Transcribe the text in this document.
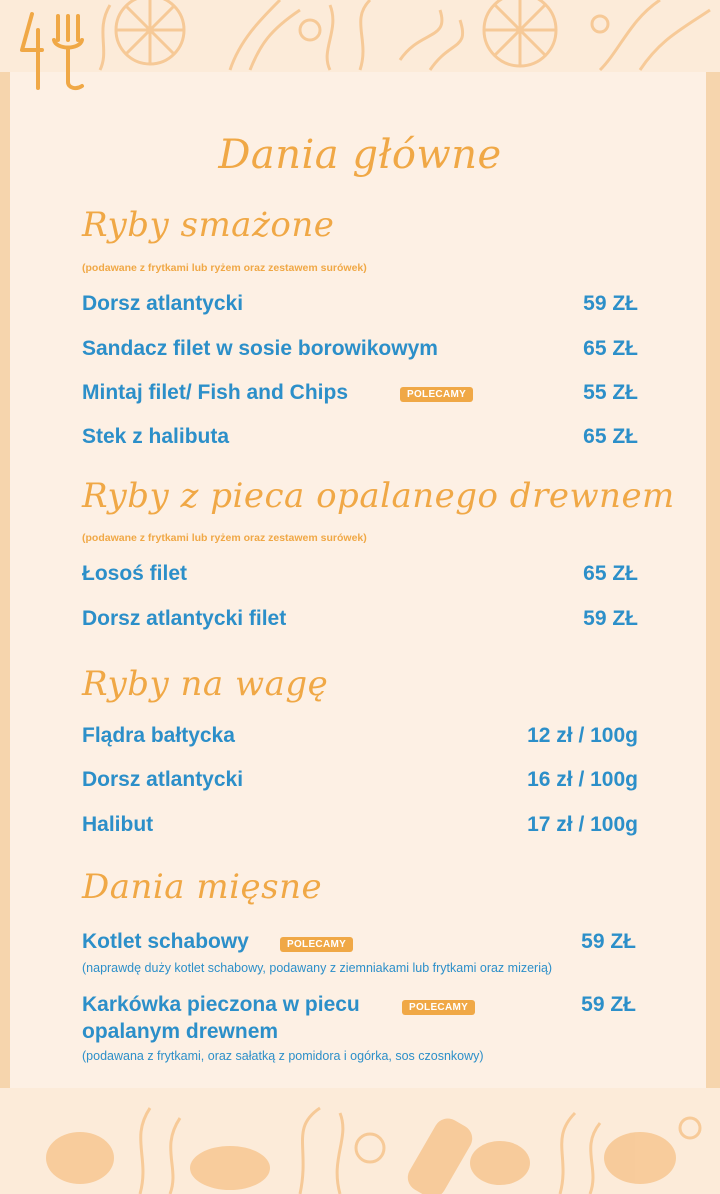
Dania główne
Ryby smażone
(podawane z frytkami lub ryżem oraz zestawem surówek)
Dorsz atlantycki	59 ZŁ
Sandacz filet w sosie borowikowym	65 ZŁ
Mintaj filet/ Fish and Chips	POLECAMY	55 ZŁ
Stek z halibuta	65 ZŁ
Ryby z pieca opalanego drewnem
(podawane z frytkami lub ryżem oraz zestawem surówek)
Łosoś filet	65 ZŁ
Dorsz atlantycki filet	59 ZŁ
Ryby na wagę
Flądra bałtycka	12 zł / 100g
Dorsz atlantycki	16 zł / 100g
Halibut	17 zł / 100g
Dania mięsne
Kotlet schabowy	POLECAMY	59 ZŁ
(naprawdę duży kotlet schabowy, podawany z ziemniakami lub frytkami oraz mizerią)
Karkówka pieczona w piecu	POLECAMY	59 ZŁ
opalanym drewnem
(podawana z frytkami, oraz sałatką z pomidora i ogórka, sos czosnkowy)
